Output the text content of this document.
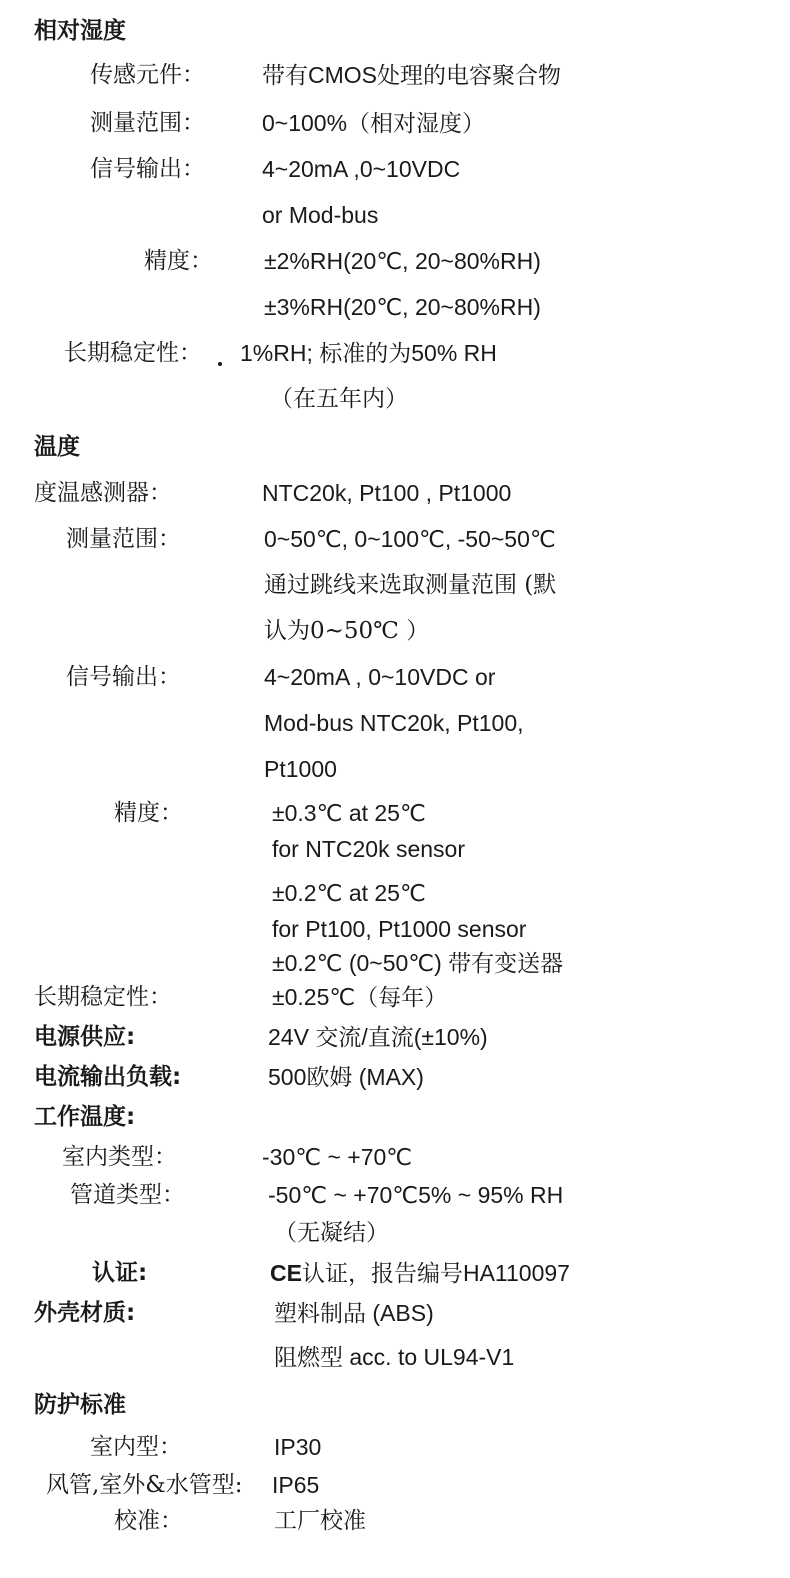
相对湿度
传感元件： 带有CMOS处理的电容聚合物
测量范围： 0~100%（相对湿度）
信号输出： 4~20mA ,0~10VDC
or Mod-bus
精度： ±2%RH(20℃, 20~80%RH)
±3%RH(20℃, 20~80%RH)
长期稳定性： 1%RH; 标准的为50% RH
（在五年内）
温度
度温感测器：	NTC20k, Pt100 , Pt1000
测量范围：	0~50℃, 0~100℃, -50~50℃
通过跳线来选取测量范围 (默
认为0~50℃ ）
信号输出：	4~20mA , 0~10VDC or
Mod-bus NTC20k, Pt100,
Pt1000
精度：	±0.3℃ at 25℃
for NTC20k sensor
±0.2℃ at 25℃
for Pt100, Pt1000 sensor
±0.2℃ (0~50℃) 带有变送器
长期稳定性：	±0.25℃（每年）
电源供应:	24V 交流/直流(±10%)
电流输出负载:	500欧姆 (MAX)
工作温度:
室内类型：	-30℃ ~ +70℃
管道类型：	-50℃ ~ +70℃5% ~ 95% RH
（无凝结）
认证:	CE认证，报告编号HA110097
外壳材质:	塑料制品 (ABS)
阻燃型 acc. to UL94-V1
防护标准
室内型：	IP30
风管,室外&水管型: IP65
校准：	工厂校准
